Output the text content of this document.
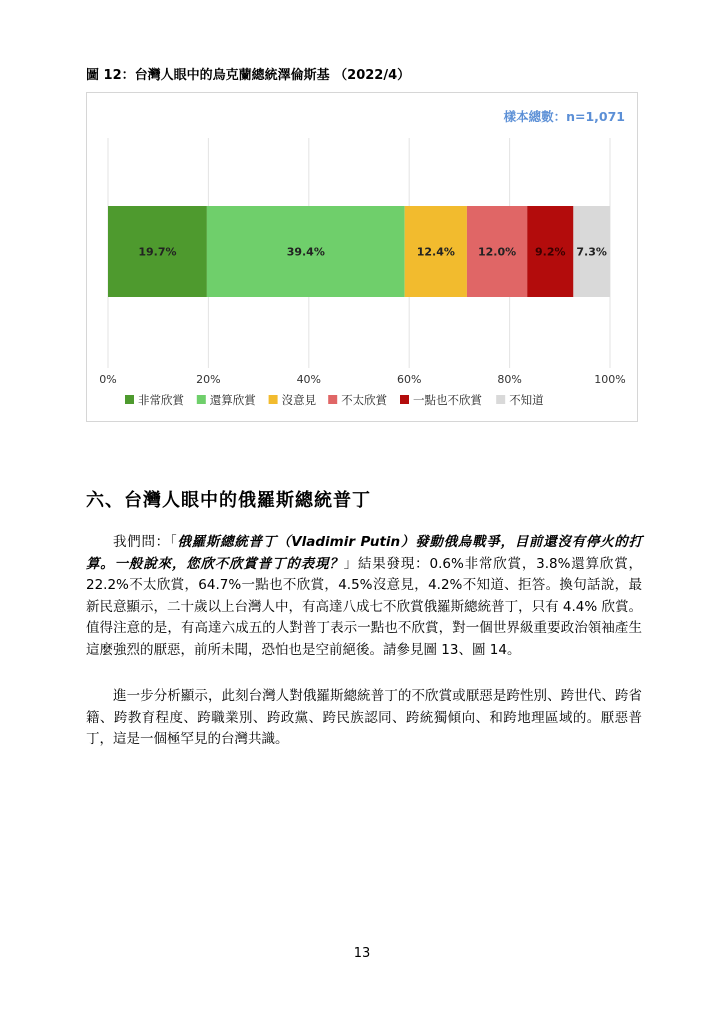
圖 12：台灣人眼中的烏克蘭總統澤倫斯基 （2022/4）
19.7%	39.4%	12.4% 12.0% 9.2% 7.3%
0%	20%	40%	60%	80%	100%
非常欣賞 還算欣賞 沒意見 不太欣賞 一點也不欣賞 不知道
樣本總數：n=1,071
六、台灣人眼中的俄羅斯總統普丁

我們問：「俄羅斯總統普丁（Vladimir Putin）發動俄烏戰爭，目前還沒有停火的打算。一般說來，您欣不欣賞普丁的表現？」結果發現：0.6%非常欣賞，3.8%還算欣賞，22.2%不太欣賞，64.7%一點也不欣賞，4.5%沒意見，4.2%不知道、拒答。換句話說，最新民意顯示，二十歲以上台灣人中，有高達八成七不欣賞俄羅斯總統普丁，只有 4.4% 欣賞。值得注意的是，有高達六成五的人對普丁表示一點也不欣賞，對一個世界級重要政治領袖產生這麼強烈的厭惡，前所未聞，恐怕也是空前絕後。請參見圖 13、圖 14。

進一步分析顯示，此刻台灣人對俄羅斯總統普丁的不欣賞或厭惡是跨性別、跨世代、跨省籍、跨教育程度、跨職業別、跨政黨、跨民族認同、跨統獨傾向、和跨地理區域的。厭惡普丁，這是一個極罕見的台灣共識。

13
